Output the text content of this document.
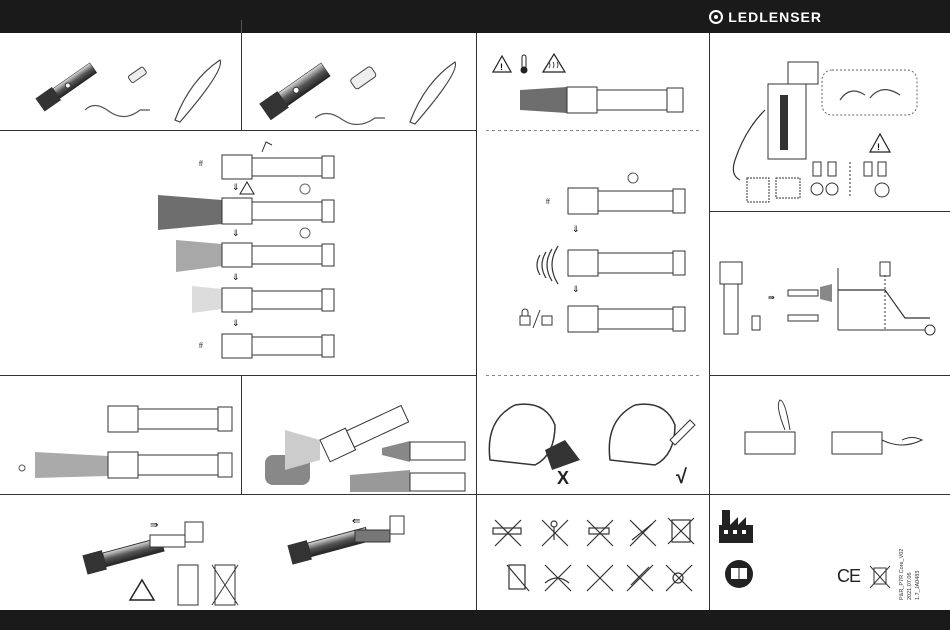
LEDLENSER
!
!
⇓
⇓
⇓
⇓
⇓
⇓
⇛
⇛	⇚
ff
ff
ff
X	√
CE	P&R_P7R Core_V02 2021.07.06 1.7_JA0483
